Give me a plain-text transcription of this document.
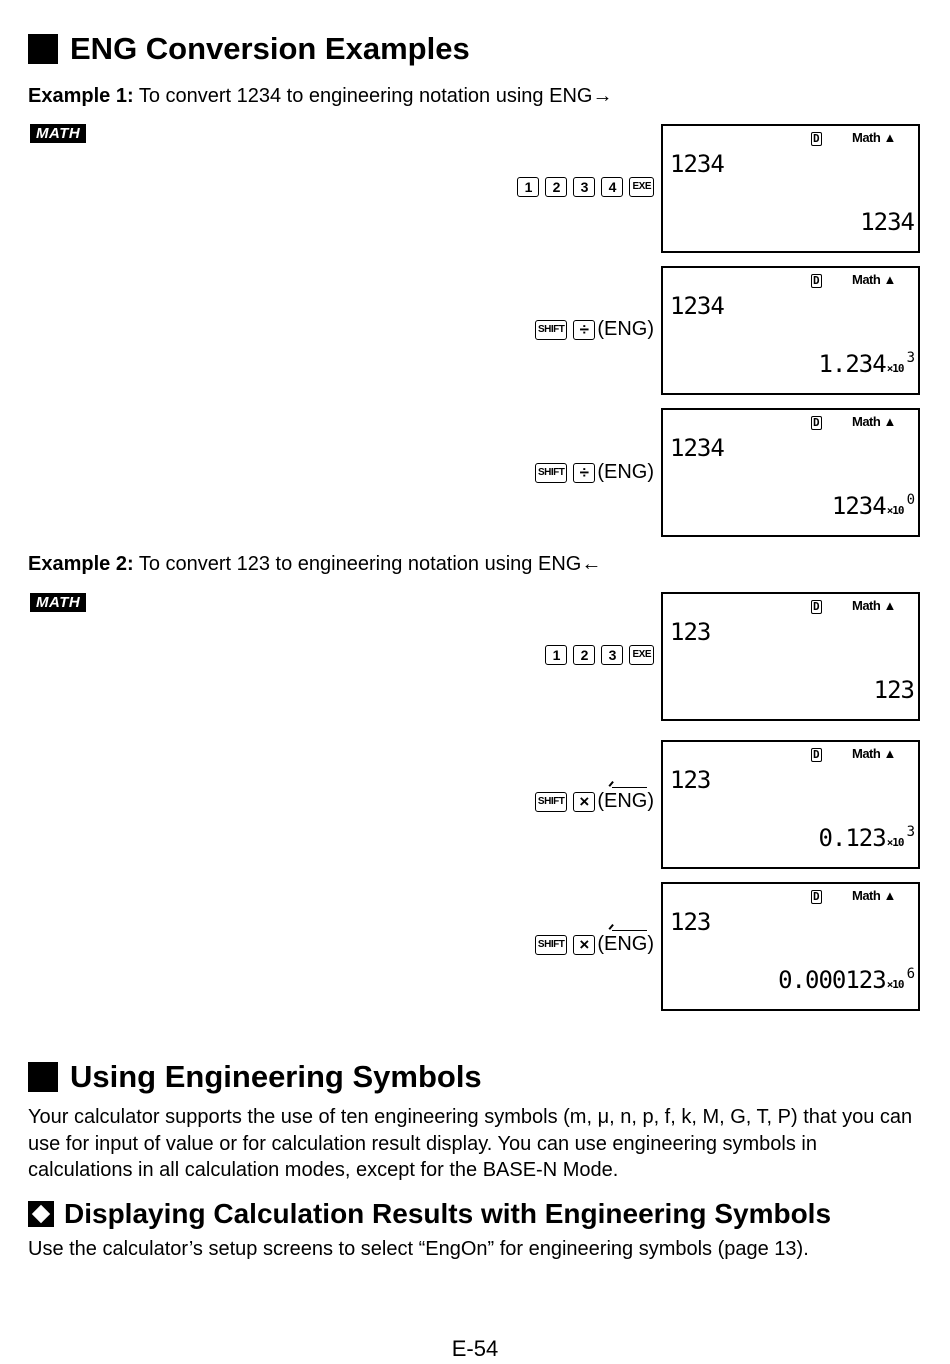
ENG Conversion Examples
Example 1: To convert 1234 to engineering notation using ENG→
MATH
1	2	3	4	EXE
D Math ▲
1234
1234
SHIFT ÷ (ENG)
D Math ▲
1234
1.234 ×10
3
SHIFT ÷ (ENG)
D Math ▲
1234
1234 ×10
0
Example 2: To convert 123 to engineering notation using ENG←
MATH
1	2	3	EXE
D Math ▲
123
123
SHIFT × (ENG)
D Math ▲
123
0.123 ×10
3
SHIFT × (ENG)
D Math ▲
123
0.000123 ×10
6
Using Engineering Symbols
Your calculator supports the use of ten engineering symbols (m, μ, n, p, f, k, M, G, T, P) that you can use for input of value or for calculation result display. You can use engineering symbols in calculations in all calculation modes, except for the BASE-N Mode.
Displaying Calculation Results with Engineering Symbols
Use the calculator’s setup screens to select “EngOn” for engineering symbols (page 13).
E-54
